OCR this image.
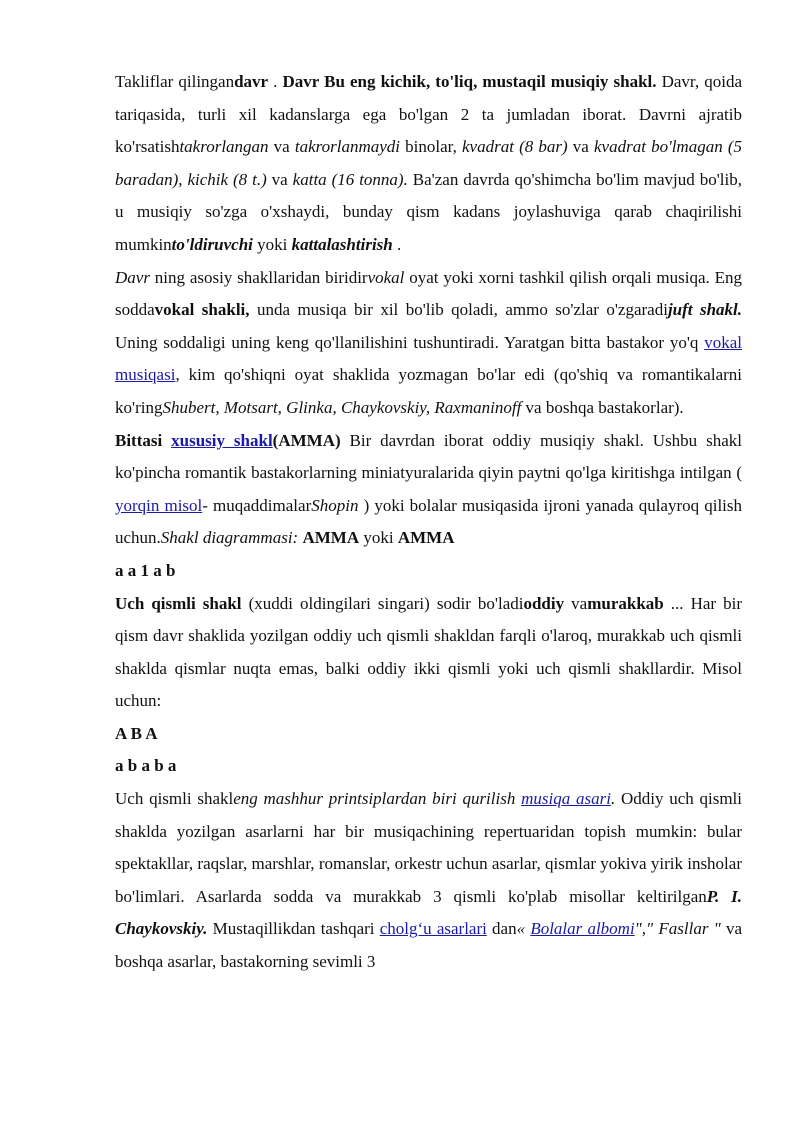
Takliflar qilingandavr . Davr Bu eng kichik, to'liq, mustaqil musiqiy shakl. Davr, qoida tariqasida, turli xil kadanslarga ega bo'lgan 2 ta jumladan iborat. Davrni ajratib ko'rsatishtakrorlangan va takrorlanmaydi binolar, kvadrat (8 bar) va kvadrat bo'lmagan (5 baradan), kichik (8 t.) va katta (16 tonna). Ba'zan davrda qo'shimcha bo'lim mavjud bo'lib, u musiqiy so'zga o'xshaydi, bunday qism kadans joylashuviga qarab chaqirilishi mumkinto'ldiruvchi yoki kattalashtirish .

Davr ning asosiy shakllaridan biridirvokal oyat yoki xorni tashkil qilish orqali musiqa. Eng soddavokal shakli, unda musiqa bir xil bo'lib qoladi, ammo so'zlar o'zgaradijuft shakl. Uning soddaligi uning keng qo'llanilishini tushuntiradi. Yaratgan bitta bastakor yo'q vokal musiqasi, kim qo'shiqni oyat shaklida yozmagan bo'lar edi (qo'shiq va romantikalarni ko'ringShubert, Motsart, Glinka, Chaykovskiy, Raxmaninoff va boshqa bastakorlar).

Bittasi xususiy shakl(AMMA) Bir davrdan iborat oddiy musiqiy shakl. Ushbu shakl ko'pincha romantik bastakorlarning miniatyuralarida qiyin paytni qo'lga kiritishga intilgan ( yorqin misol- muqaddimalarShopin ) yoki bolalar musiqasida ijroni yanada qulayroq qilish uchun.Shakl diagrammasi: AMMA yoki AMMA

a a 1 a b

Uch qismli shakl (xuddi oldingilari singari) sodir bo'ladioddiy vamurakkab ... Har bir qism davr shaklida yozilgan oddiy uch qismli shakldan farqli o'laroq, murakkab uch qismli shaklda qismlar nuqta emas, balki oddiy ikki qismli yoki uch qismli shakllardir. Misol uchun:

A B A

a b a b a

Uch qismli shakleng mashhur printsiplardan biri qurilish musiqa asari. Oddiy uch qismli shaklda yozilgan asarlarni har bir musiqachining repertuaridan topish mumkin: bular spektakllar, raqslar, marshlar, romanslar, orkestr uchun asarlar, qismlar yokiva yirik insholar bo'limlari. Asarlarda sodda va murakkab 3 qismli ko'plab misollar keltirilganP. I. Chaykovskiy. Mustaqillikdan tashqari cholg‘u asarlari dan« Bolalar albomi"," Fasllar " va boshqa asarlar, bastakorning sevimli 3
